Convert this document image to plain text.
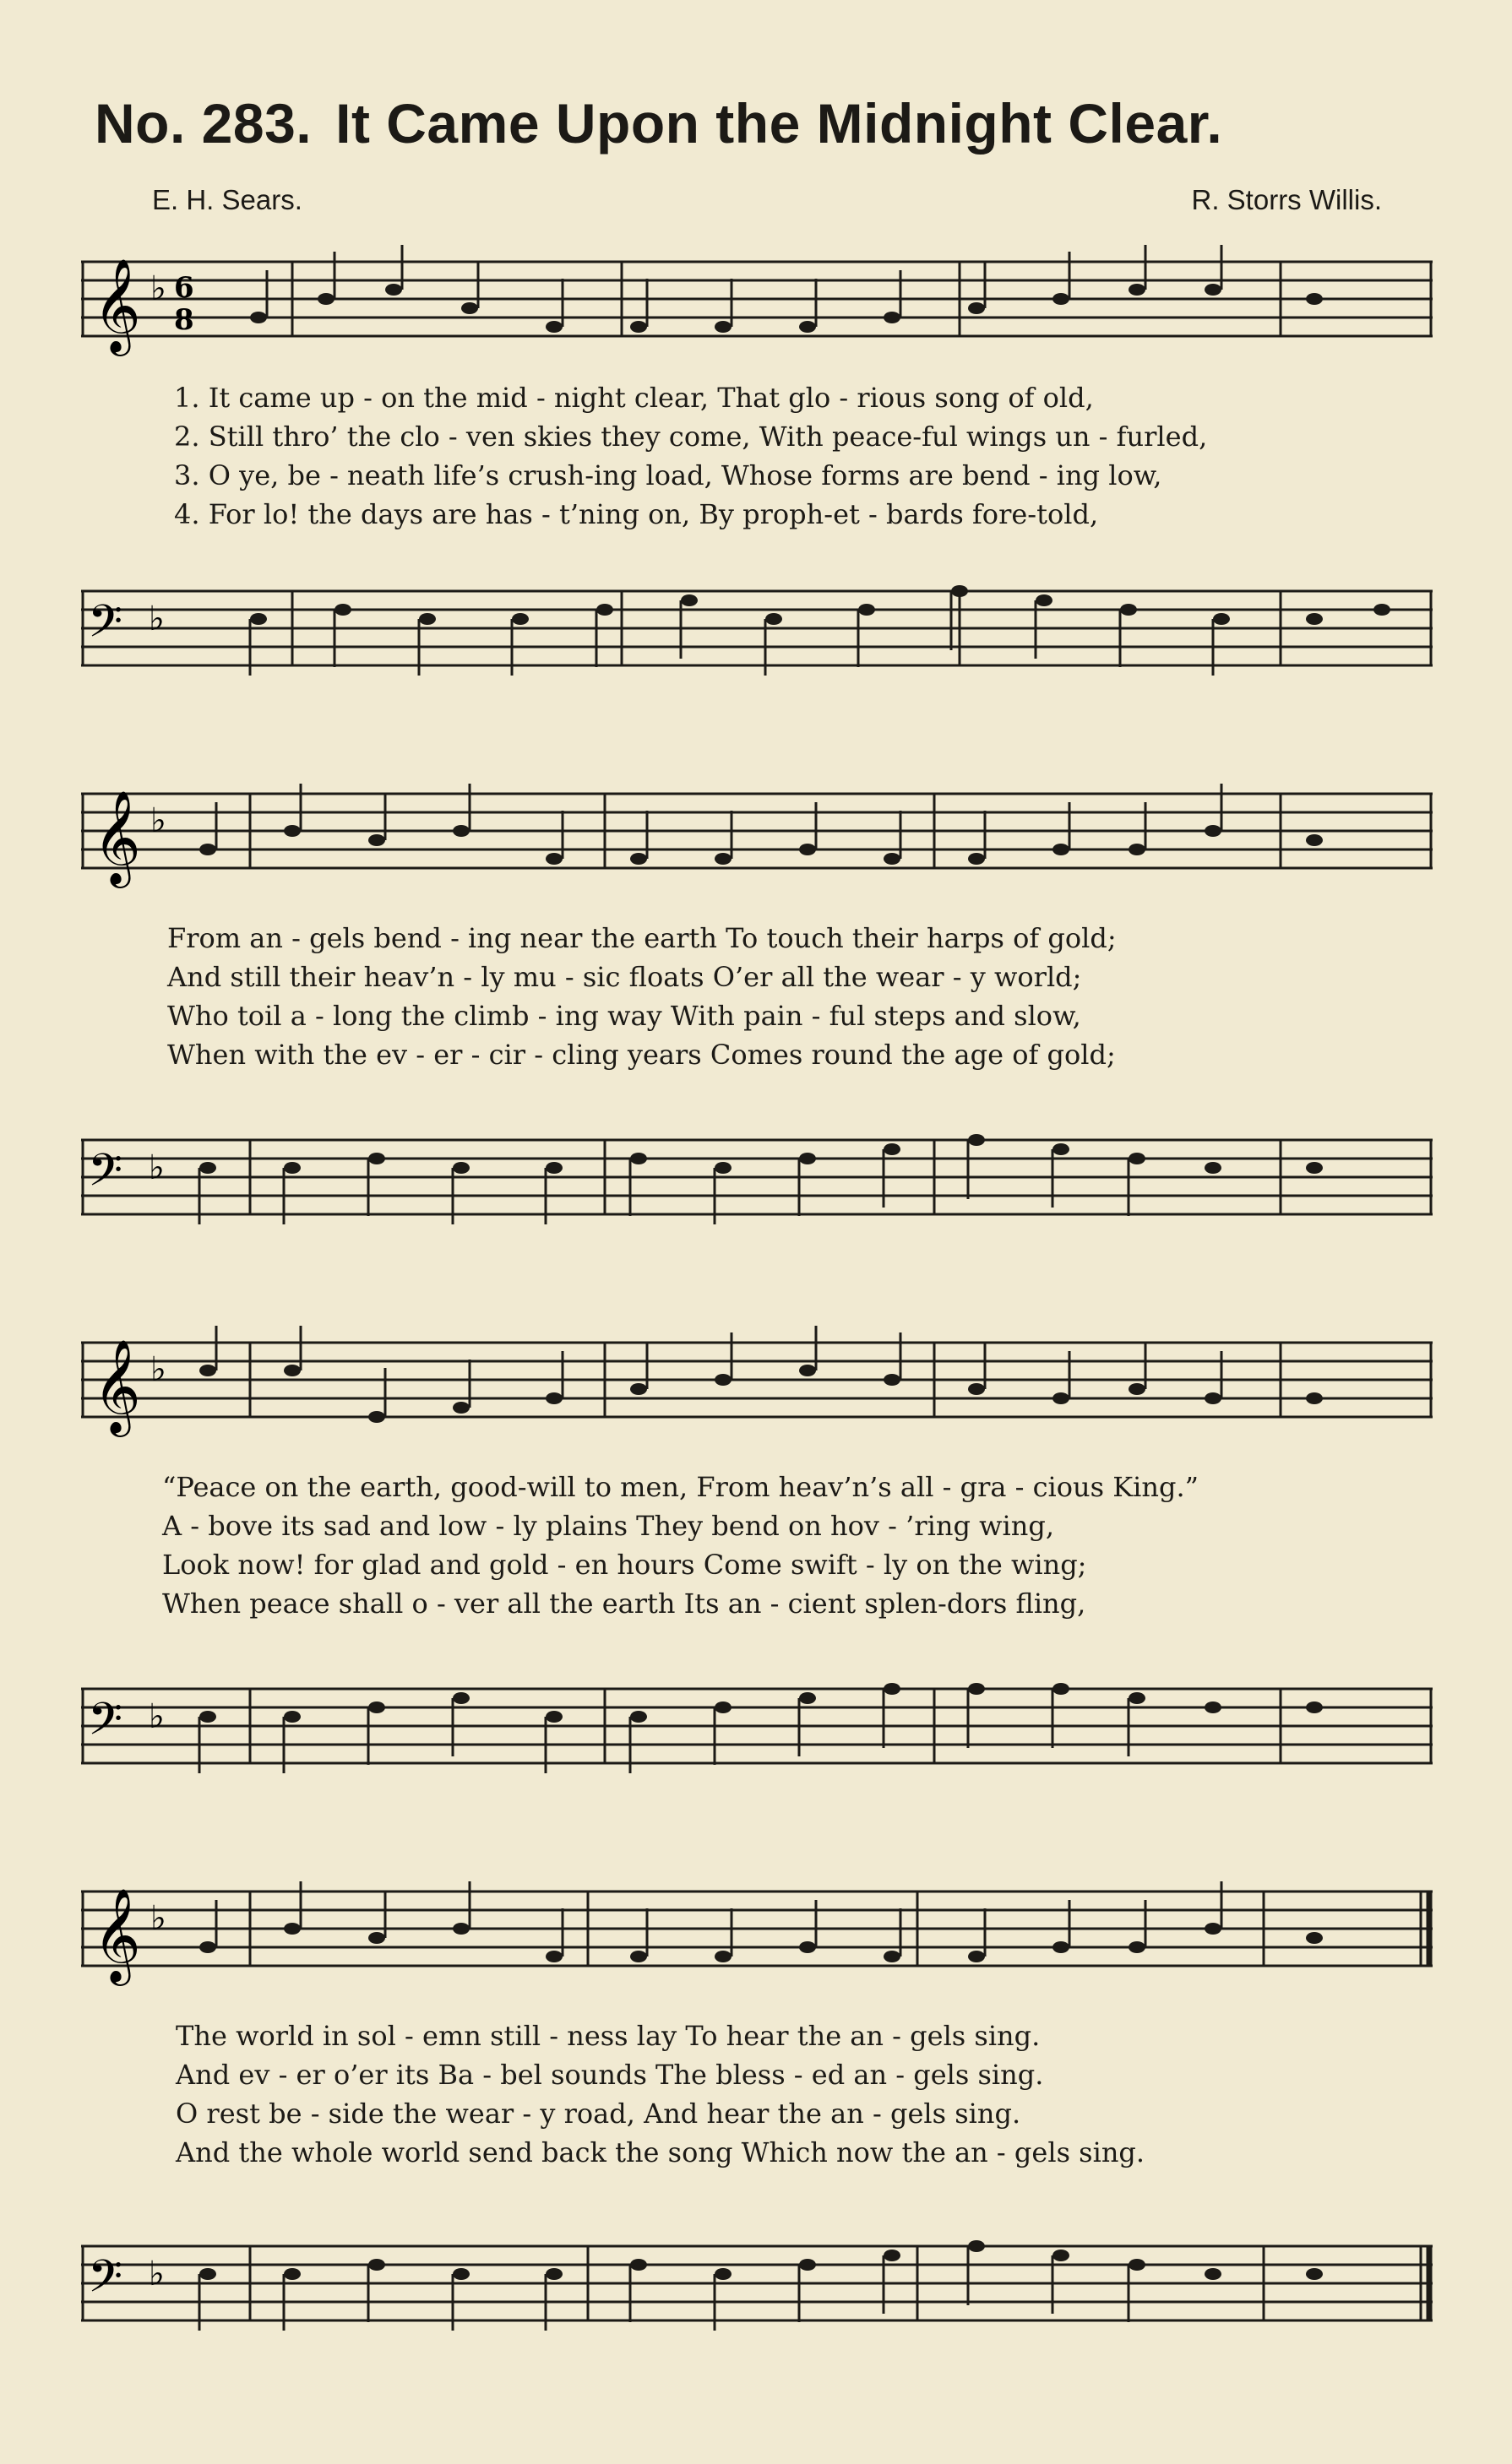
No. 283. It Came Upon the Midnight Clear.
E. H. Sears.	R. Storrs Willis.
𝄞 ♭ 6
8
1. It came up - on the mid - night clear, That glo - rious song of old,
2. Still thro’ the clo - ven skies they come, With peace-ful wings un - furled,
3. O ye, be - neath life’s crush-ing load, Whose forms are bend - ing low,
4. For lo! the days are has - t’ning on, By proph-et - bards fore-told,
𝄢 ♭
𝄞 ♭
From an - gels bend - ing near the earth To touch their harps of gold;
And still their heav’n - ly mu - sic floats O’er all the wear - y world;
Who toil a - long the climb - ing way With pain - ful steps and slow,
When with the ev - er - cir - cling years Comes round the age of gold;
𝄢 ♭
𝄞 ♭
“Peace on the earth, good-will to men, From heav’n’s all - gra - cious King.”
A - bove its sad and low - ly plains They bend on hov - ’ring wing,
Look now! for glad and gold - en hours Come swift - ly on the wing;
When peace shall o - ver all the earth Its an - cient splen-dors fling,
𝄢 ♭
𝄞 ♭
The world in sol - emn still - ness lay To hear the an - gels sing.
And ev - er o’er its Ba - bel sounds The bless - ed an - gels sing.
O rest be - side the wear - y road, And hear the an - gels sing.
And the whole world send back the song Which now the an - gels sing.
𝄢 ♭
